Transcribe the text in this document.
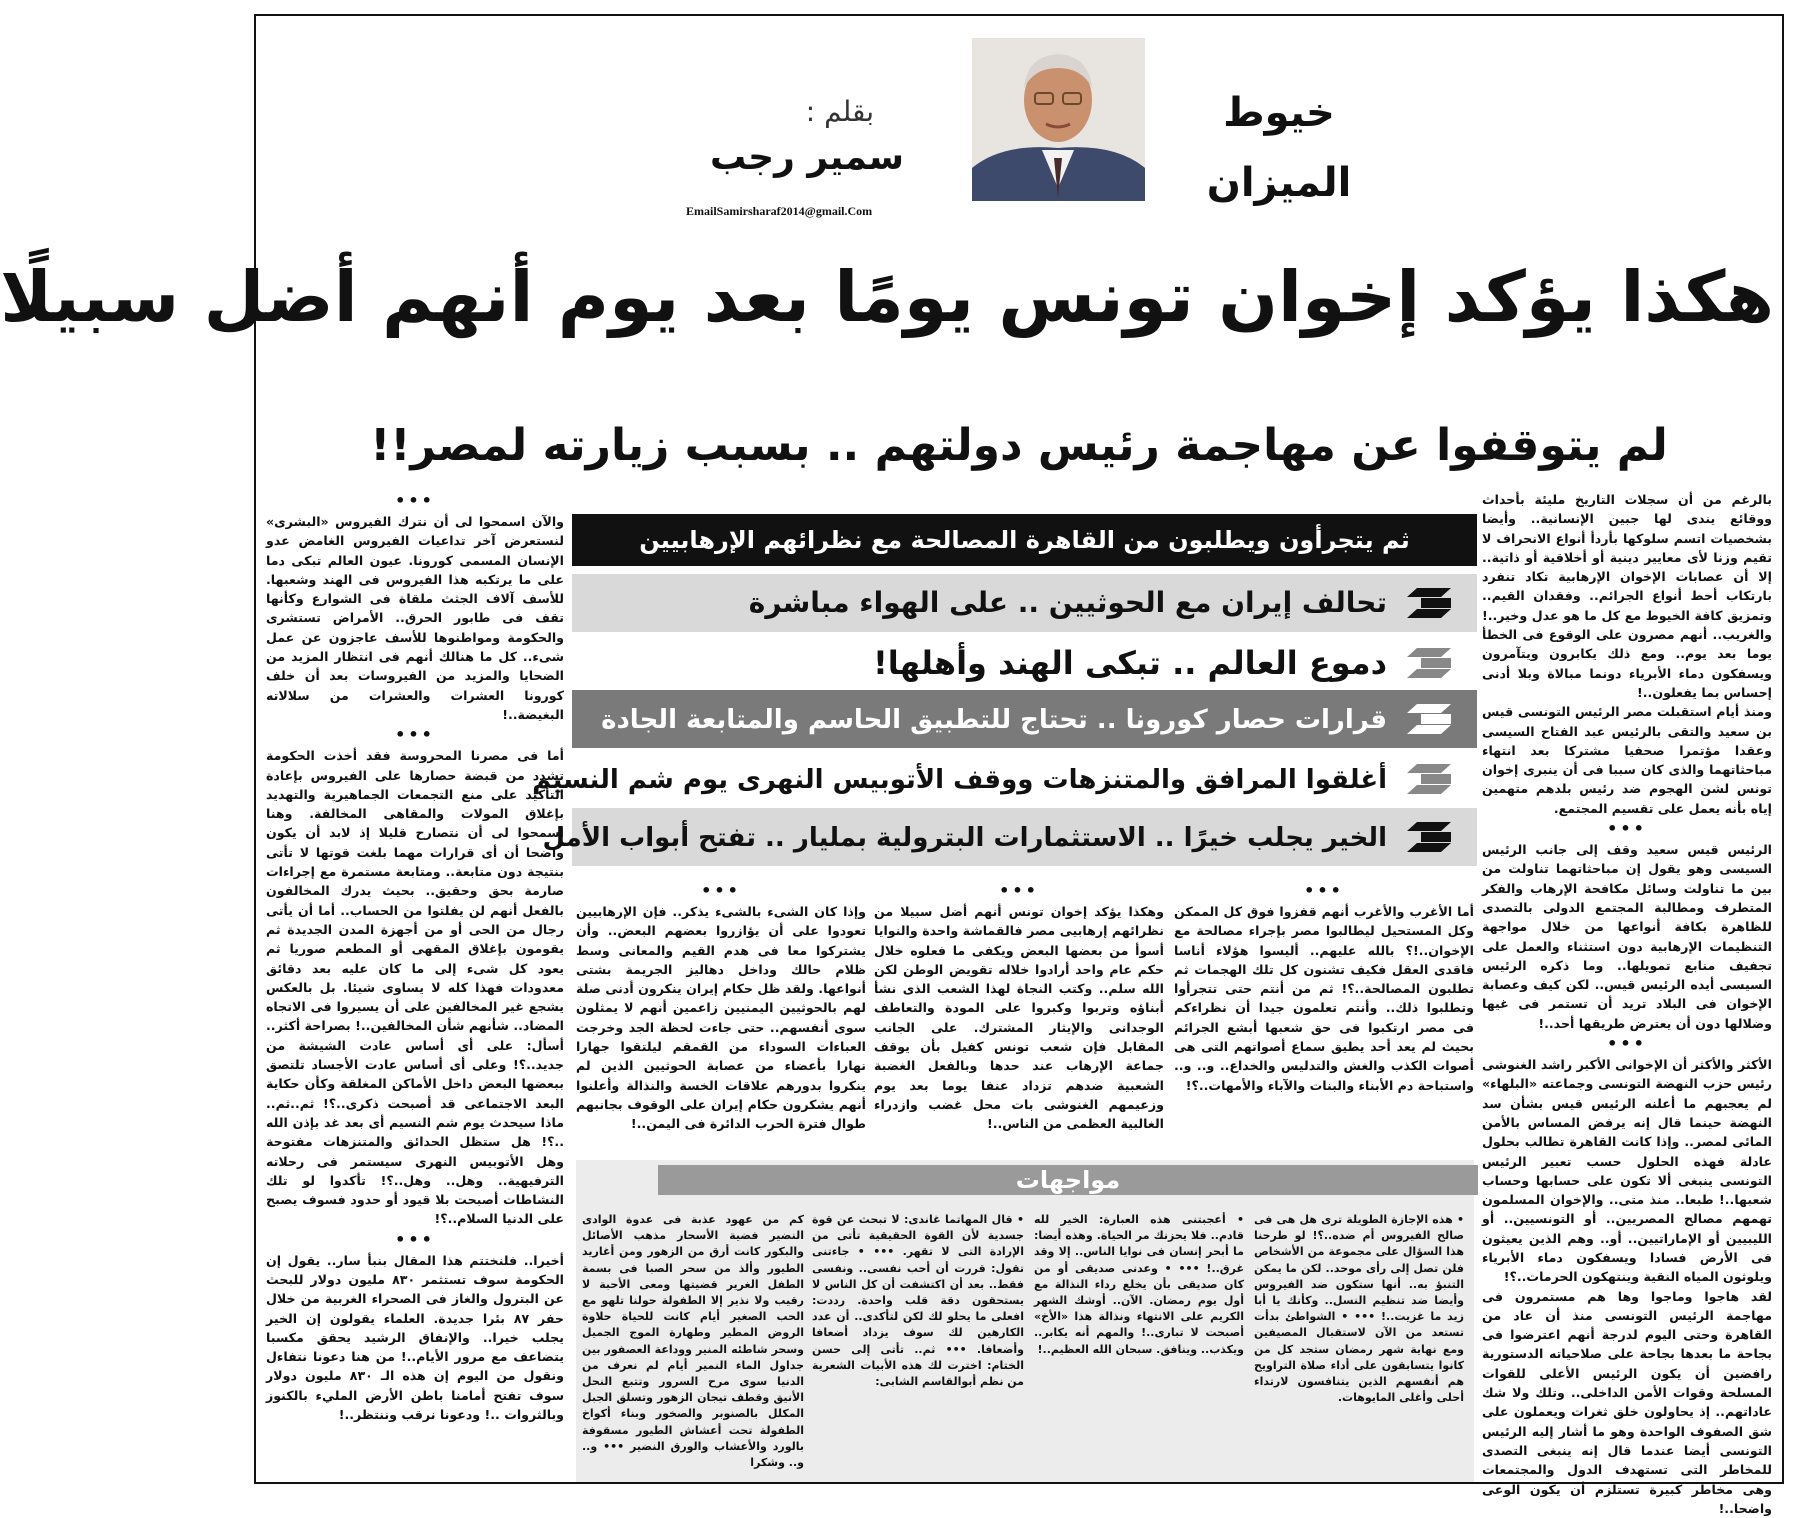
خيوط
الميزان
بقلم :
سمير رجب
EmailSamirsharaf2014@gmail.Com
هكذا يؤكد إخوان تونس يومًا بعد يوم أنهم أضل سبيلًا
لم يتوقفوا عن مهاجمة رئيس دولتهم .. بسبب زيارته لمصر!!
ثم يتجرأون ويطلبون من القاهرة المصالحة مع نظرائهم الإرهابيين
تحالف إيران مع الحوثيين .. على الهواء مباشرة
دموع العالم .. تبكى الهند وأهلها!
قرارات حصار كورونا .. تحتاج للتطبيق الحاسم والمتابعة الجادة
أغلقوا المرافق والمتنزهات ووقف الأتوبيس النهرى يوم شم النسيم
الخير يجلب خيرًا .. الاستثمارات البترولية بمليار .. تفتح أبواب الأمل

بالرغم من أن سجلات التاريخ مليئة بأحداث ووقائع يندى لها جبين الإنسانية.. وأيضا بشخصيات اتسم سلوكها بأردأ أنواع الانحراف لا تقيم وزنا لأى معايير دينية أو أخلاقية أو ذاتية.. إلا أن عصابات الإخوان الإرهابية تكاد تنفرد بارتكاب أحط أنواع الجرائم.. وفقدان القيم.. وتمزيق كافة الخيوط مع كل ما هو عدل وخير..! والغريب.. أنهم مصرون على الوقوع فى الخطأ يوما بعد يوم.. ومع ذلك يكابرون ويتآمرون ويسفكون دماء الأبرياء دونما مبالاة وبلا أدنى إحساس بما يفعلون..!

ومنذ أيام استقبلت مصر الرئيس التونسى قيس بن سعيد والتقى بالرئيس عبد الفتاح السيسى وعقدا مؤتمرا صحفيا مشتركا بعد انتهاء مباحثاتهما والذى كان سببا فى أن ينبرى إخوان تونس لشن الهجوم ضد رئيس بلدهم متهمين إياه بأنه يعمل على تقسيم المجتمع.

•••

الرئيس قيس سعيد وقف إلى جانب الرئيس السيسى وهو يقول إن مباحثاتهما تناولت من بين ما تناولت وسائل مكافحة الإرهاب والفكر المتطرف ومطالبة المجتمع الدولى بالتصدى للظاهرة بكافة أنواعها من خلال مواجهة التنظيمات الإرهابية دون استثناء والعمل على تجفيف منابع تمويلها.. وما ذكره الرئيس السيسى أيده الرئيس قيس.. لكن كيف وعصابة الإخوان فى البلاد تريد أن تستمر فى غيها وضلالها دون أن يعترض طريقها أحد..!

•••

الأكثر والأكثر أن الإخوانى الأكبر راشد الغنوشى رئيس حزب النهضة التونسى وجماعته «البلهاء» لم يعجبهم ما أعلنه الرئيس قيس بشأن سد النهضة حينما قال إنه يرفض المساس بالأمن المائى لمصر.. وإذا كانت القاهرة تطالب بحلول عادلة فهذه الحلول حسب تعبير الرئيس التونسى ينبغى ألا تكون على حسابها وحساب شعبها..! طبعا.. منذ متى.. والإخوان المسلمون تهمهم مصالح المصريين.. أو التونسيين.. أو الليبيين أو الإماراتيين.. أو.. وهم الذين يعيثون فى الأرض فسادا ويسفكون دماء الأبرياء ويلوثون المياه النقية وينتهكون الحرمات..؟!

لقد هاجوا وماجوا وها هم مستمرون فى مهاجمة الرئيس التونسى منذ أن عاد من القاهرة وحتى اليوم لدرجة أنهم اعترضوا فى بجاحة ما بعدها بجاحة على صلاحياته الدستورية رافضين أن يكون الرئيس الأعلى للقوات المسلحة وقوات الأمن الداخلى.. وتلك ولا شك عاداتهم.. إذ يحاولون خلق ثغرات ويعملون على شق الصفوف الواحدة وهو ما أشار إليه الرئيس التونسى أيضا عندما قال إنه ينبغى التصدى للمخاطر التى تستهدف الدول والمجتمعات وهى مخاطر كبيرة تستلزم أن يكون الوعى واضحا..!

•••

والآن اسمحوا لى أن نترك الفيروس «البشرى» لنستعرض آخر تداعيات الفيروس الغامض عدو الإنسان المسمى كورونا. عيون العالم تبكى دما على ما يرتكبه هذا الفيروس فى الهند وشعبها. للأسف آلاف الجثث ملقاة فى الشوارع وكأنها تقف فى طابور الحرق.. الأمراض تستشرى والحكومة ومواطنوها للأسف عاجزون عن عمل شىء.. كل ما هنالك أنهم فى انتظار المزيد من الضحايا والمزيد من الفيروسات بعد أن خلف كورونا العشرات والعشرات من سلالاته البغيضة..!

•••

أما فى مصرنا المحروسة فقد أخذت الحكومة تشدد من قبضة حصارها على الفيروس بإعادة التأكيد على منع التجمعات الجماهيرية والتهديد بإغلاق المولات والمقاهى المخالفة. وهنا اسمحوا لى أن نتصارح قليلا إذ لابد أن يكون واضحا أن أى قرارات مهما بلغت قوتها لا تأتى بنتيجة دون متابعة.. ومتابعة مستمرة مع إجراءات صارمة بحق وحقيق.. بحيث يدرك المخالفون بالفعل أنهم لن يفلتوا من الحساب.. أما أن يأتى رجال من الحى أو من أجهزة المدن الجديدة ثم يقومون بإغلاق المقهى أو المطعم صوريا ثم يعود كل شىء إلى ما كان عليه بعد دقائق معدودات فهذا كله لا يساوى شيئا. بل بالعكس يشجع غير المخالفين على أن يسيروا فى الاتجاه المضاد.. شأنهم شأن المخالفين..! بصراحة أكثر.. أسأل: على أى أساس عادت الشيشة من جديد..؟! وعلى أى أساس عادت الأجساد تلتصق ببعضها البعض داخل الأماكن المغلقة وكأن حكاية البعد الاجتماعى قد أصبحت ذكرى..؟! ثم..ثم.. ماذا سيحدث يوم شم النسيم أى بعد غد بإذن الله ..؟! هل ستظل الحدائق والمتنزهات مفتوحة وهل الأتوبيس النهرى سيستمر فى رحلاته الترفيهية.. وهل.. وهل..؟! تأكدوا لو تلك النشاطات أصبحت بلا قيود أو حدود فسوف يصبح على الدنيا السلام..؟!

•••

أخيرا.. فلنختتم هذا المقال بنبأ سار.. يقول إن الحكومة سوف تستثمر ٨٣٠ مليون دولار للبحث عن البترول والغاز فى الصحراء الغربية من خلال حفر ٨٧ بئرا جديدة. العلماء يقولون إن الخير يجلب خيرا.. والإنفاق الرشيد يحقق مكسبا يتضاعف مع مرور الأيام..! من هنا دعونا نتفاءل ونقول من اليوم إن هذه الـ ٨٣٠ مليون دولار سوف تفتح أمامنا باطن الأرض المليء بالكنوز وبالثروات ..! ودعونا نرقب وننتظر..!

•••

أما الأغرب والأغرب أنهم قفزوا فوق كل الممكن وكل المستحيل ليطالبوا مصر بإجراء مصالحة مع الإخوان..!؟ بالله عليهم.. أليسوا هؤلاء أناسا فاقدى العقل فكيف تشنون كل تلك الهجمات ثم تطلبون المصالحة..؟! ثم من أنتم حتى تتجرأوا وتطلبوا ذلك.. وأنتم تعلمون جيدا أن نظراءكم فى مصر ارتكبوا فى حق شعبها أبشع الجرائم بحيث لم يعد أحد يطيق سماع أصواتهم التى هى أصوات الكذب والغش والتدليس والخداع.. و.. و.. واستباحة دم الأبناء والبنات والآباء والأمهات..؟!

•••

وهكذا يؤكد إخوان تونس أنهم أضل سبيلا من نظرائهم إرهابيى مصر فالقماشة واحدة والنوايا أسوأ من بعضها البعض ويكفى ما فعلوه خلال حكم عام واحد أرادوا خلاله تقويض الوطن لكن الله سلم.. وكتب النجاة لهذا الشعب الذى نشأ أبناؤه وتربوا وكبروا على المودة والتعاطف الوجدانى والإيثار المشترك. على الجانب المقابل فإن شعب تونس كفيل بأن يوقف جماعة الإرهاب عند حدها وبالفعل الغضبة الشعبية ضدهم تزداد عنفا يوما بعد يوم وزعيمهم الغنوشى بات محل غضب وازدراء الغالبية العظمى من الناس..!

•••

وإذا كان الشىء بالشىء يذكر.. فإن الإرهابيين تعودوا على أن يؤازروا بعضهم البعض.. وأن يشتركوا معا فى هدم القيم والمعانى وسط ظلام حالك وداخل دهاليز الجريمة بشتى أنواعها. ولقد ظل حكام إيران ينكرون أدنى صلة لهم بالحوثيين اليمنيين زاعمين أنهم لا يمثلون سوى أنفسهم.. حتى جاءت لحظة الجد وخرجت العباءات السوداء من القمقم ليلتقوا جهارا نهارا بأعضاء من عصابة الحوثيين الذين لم ينكروا بدورهم علاقات الخسة والنذالة وأعلنوا أنهم يشكرون حكام إيران على الوقوف بجانبهم طوال فترة الحرب الدائرة فى اليمن..!

مواجهات
• هذه الإجازة الطويلة ترى هل هى فى صالح الفيروس أم ضده..؟! لو طرحنا هذا السؤال على مجموعة من الأشخاص فلن تصل إلى رأى موحد.. لكن ما يمكن التنبؤ به.. أنها ستكون ضد الفيروس وأيضا ضد تنظيم النسل.. وكأنك يا أبا زيد ما غزيت..! ••• • الشواطئ بدأت تستعد من الآن لاستقبال المصيفين ومع نهاية شهر رمضان ستجد كل من كانوا يتسابقون على أداء صلاة التراويح هم أنفسهم الذين يتنافسون لارتداء أحلى وأغلى المايوهات.
• أعجبتنى هذه العبارة: الخير لله قادم.. فلا يحزنك مر الحياة. وهذه أيضا: ما أبحر إنسان فى نوايا الناس.. إلا وقد غرق..! ••• • وعدنى صديقى أو من كان صديقى بأن يخلع رداء النذالة مع أول يوم رمضان. الآن.. أوشك الشهر الكريم على الانتهاء ونذالة هذا «الأخ» أصبحت لا تبارى..! والمهم أنه يكابر.. ويكذب.. وينافق. سبحان الله العظيم..!
• قال المهاتما غاندى: لا تبحث عن قوة جسدية لأن القوة الحقيقية تأتى من الإرادة التى لا تقهر. ••• • جاءتنى تقول: قررت أن أحب نفسى.. ونفسى فقط.. بعد أن اكتشفت أن كل الناس لا يستحقون دقة قلب واحدة. رددت: افعلى ما يحلو لك لكن لتأكدى.. أن عدد الكارهين لك سوف يزداد أضعافا وأضعافا. ••• ثم.. تأتى إلى حسن الختام: اخترت لك هذه الأبيات الشعرية من نظم أبوالقاسم الشابى:
كم من عهود عذبة فى عدوة الوادى النضير فضية الأسحار مذهب الأصائل والبكور كانت أرق من الزهور ومن أغاريد الطيور وألذ من سحر الصبا فى بسمة الطفل الغرير قضيتها ومعى الأحبة لا رقيب ولا نذير إلا الطفولة حولنا تلهو مع الحب الصغير أيام كانت للحياة حلاوة الروض المطير وطهارة الموج الجميل وسحر شاطئه المنير ووداعة العصفور بين جداول الماء النمير أيام لم نعرف من الدنيا سوى مرح السرور وتتبع النحل الأنيق وقطف تيجان الزهور وتسلق الجبل المكلل بالصنوبر والصخور وبناء أكواخ الطفولة تحت أعشاش الطيور مسقوفة بالورد والأعشاب والورق النضير ••• و.. و.. وشكرا
